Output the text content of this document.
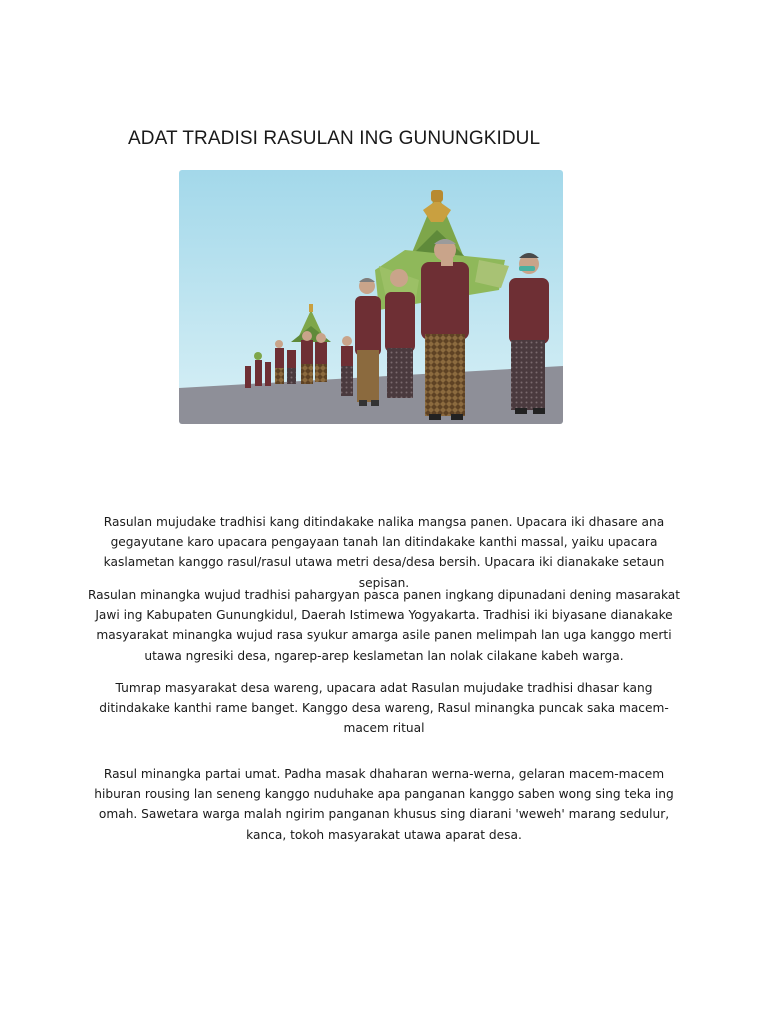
ADAT TRADISI RASULAN ING GUNUNGKIDUL

Rasulan mujudake tradhisi kang ditindakake nalika mangsa panen. Upacara iki dhasare ana gegayutane karo upacara pengayaan tanah lan ditindakake kanthi massal, yaiku upacara kaslametan kanggo rasul/rasul utawa metri desa/desa bersih. Upacara iki dianakake setaun sepisan.

Rasulan minangka wujud tradhisi pahargyan pasca panen ingkang dipunadani dening masarakat Jawi ing Kabupaten Gunungkidul, Daerah Istimewa Yogyakarta. Tradhisi iki biyasane dianakake masyarakat minangka wujud rasa syukur amarga asile panen melimpah lan uga kanggo merti utawa ngresiki desa, ngarep-arep keslametan lan nolak cilakane kabeh warga.

Tumrap masyarakat desa wareng, upacara adat Rasulan mujudake tradhisi dhasar kang ditindakake kanthi rame banget. Kanggo desa wareng, Rasul minangka puncak saka macem-macem ritual

Rasul minangka partai umat. Padha masak dhaharan werna-werna, gelaran macem-macem hiburan rousing lan seneng kanggo nuduhake apa panganan kanggo saben wong sing teka ing omah. Sawetara warga malah ngirim panganan khusus sing diarani 'weweh' marang sedulur, kanca, tokoh masyarakat utawa aparat desa.
